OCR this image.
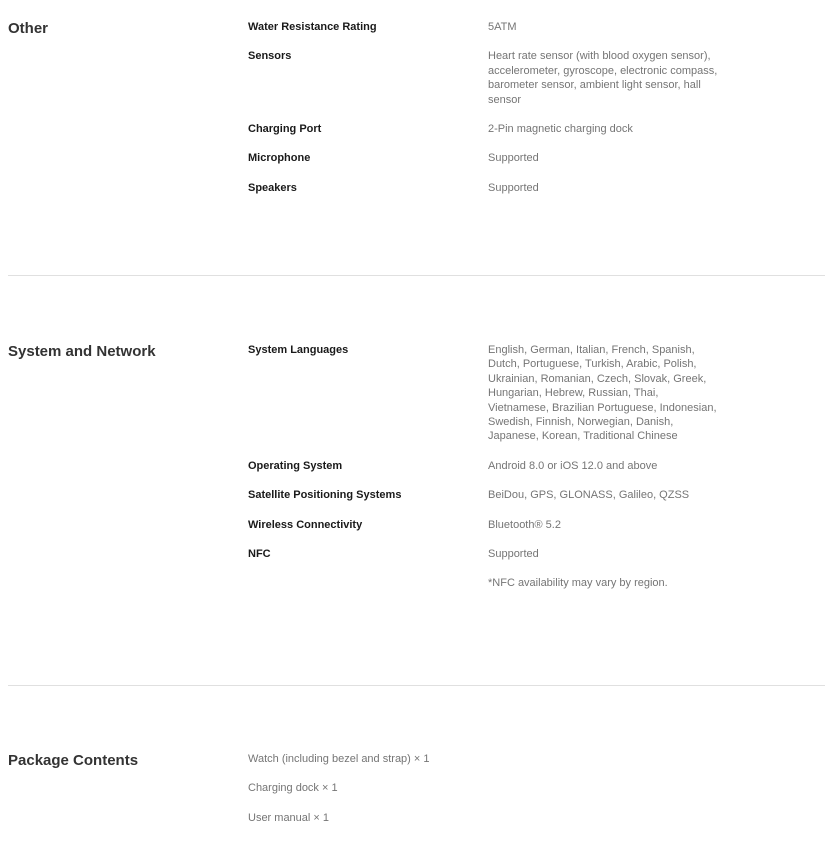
Other	Water Resistance Rating	5ATM
Sensors	Heart rate sensor (with blood oxygen sensor), accelerometer, gyroscope, electronic compass, barometer sensor, ambient light sensor, hall sensor
Charging Port	2-Pin magnetic charging dock
Microphone	Supported
Speakers	Supported
System and Network	System Languages	English, German, Italian, French, Spanish, Dutch, Portuguese, Turkish, Arabic, Polish, Ukrainian, Romanian, Czech, Slovak, Greek, Hungarian, Hebrew, Russian, Thai, Vietnamese, Brazilian Portuguese, Indonesian, Swedish, Finnish, Norwegian, Danish, Japanese, Korean, Traditional Chinese
Operating System	Android 8.0 or iOS 12.0 and above
Satellite Positioning Systems	BeiDou, GPS, GLONASS, Galileo, QZSS
Wireless Connectivity	Bluetooth® 5.2
NFC	Supported
*NFC availability may vary by region.
Package Contents	Watch (including bezel and strap) × 1
Charging dock × 1
User manual × 1
